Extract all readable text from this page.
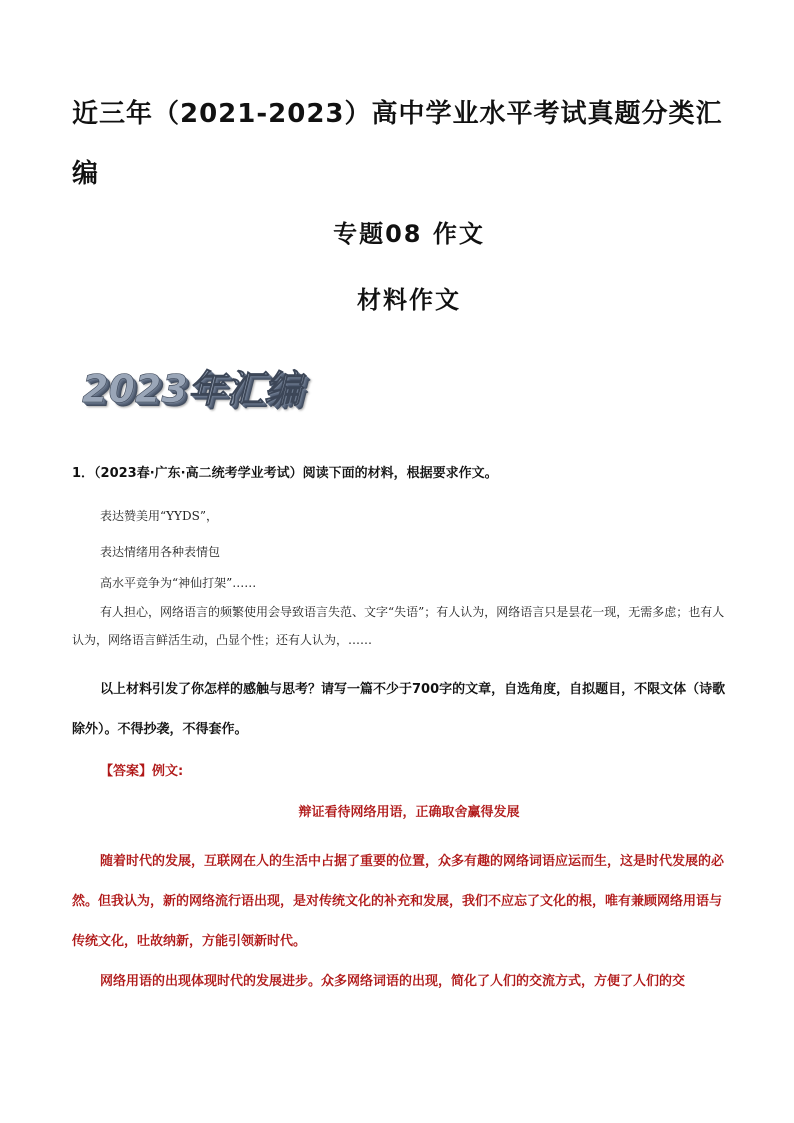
近三年（2021-2023）高中学业水平考试真题分类汇编
专题08 作文
材料作文
2023年汇编
1．（2023春·广东·高二统考学业考试）阅读下面的材料，根据要求作文。
表达赞美用“YYDS”，
表达情绪用各种表情包
高水平竞争为“神仙打架”……
有人担心，网络语言的频繁使用会导致语言失范、文字“失语”；有人认为，网络语言只是昙花一现，无需多虑；也有人认为，网络语言鲜活生动，凸显个性；还有人认为，……
以上材料引发了你怎样的感触与思考？请写一篇不少于700字的文章，自选角度，自拟题目，不限文体（诗歌除外）。不得抄袭，不得套作。
【答案】例文:
辩证看待网络用语，正确取舍赢得发展
随着时代的发展，互联网在人的生活中占据了重要的位置，众多有趣的网络词语应运而生，这是时代发展的必然。但我认为，新的网络流行语出现，是对传统文化的补充和发展，我们不应忘了文化的根，唯有兼顾网络用语与传统文化，吐故纳新，方能引领新时代。
网络用语的出现体现时代的发展进步。众多网络词语的出现，简化了人们的交流方式，方便了人们的交
